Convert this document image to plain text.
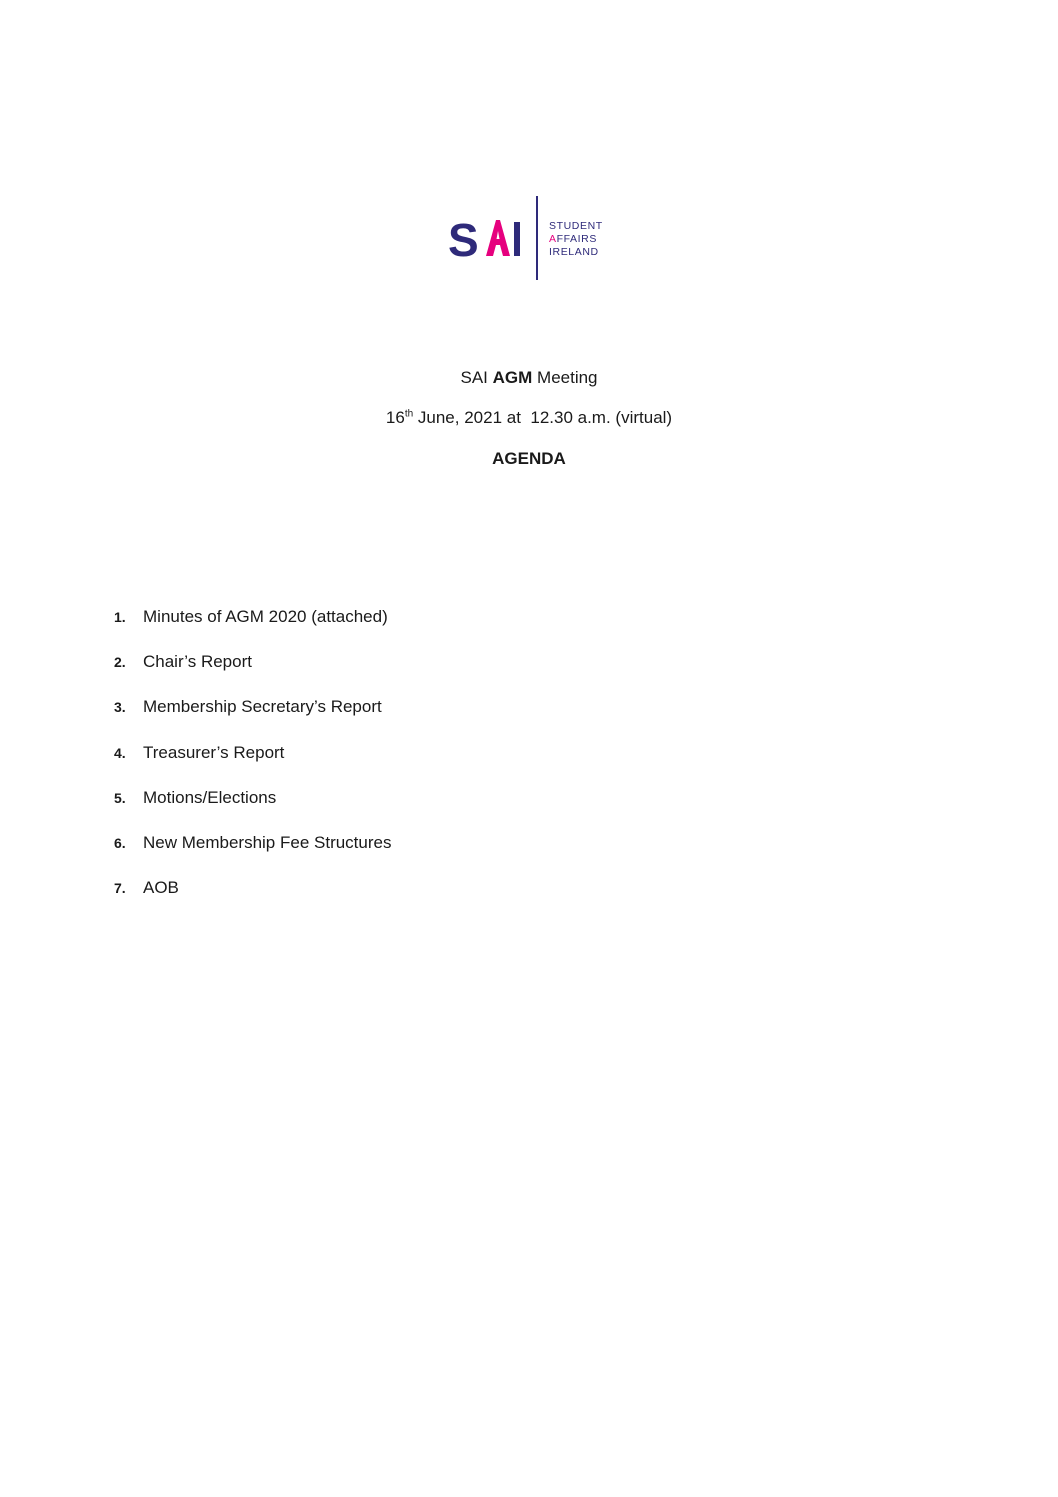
S	STUDENT
AFFAIRS
IRELAND
SAI AGM Meeting
16th June, 2021 at  12.30 a.m. (virtual)
AGENDA
1.	Minutes of AGM 2020 (attached)
2.	Chair’s Report
3.	Membership Secretary’s Report
4.	Treasurer’s Report
5.	Motions/Elections
6.	New Membership Fee Structures
7.	AOB
